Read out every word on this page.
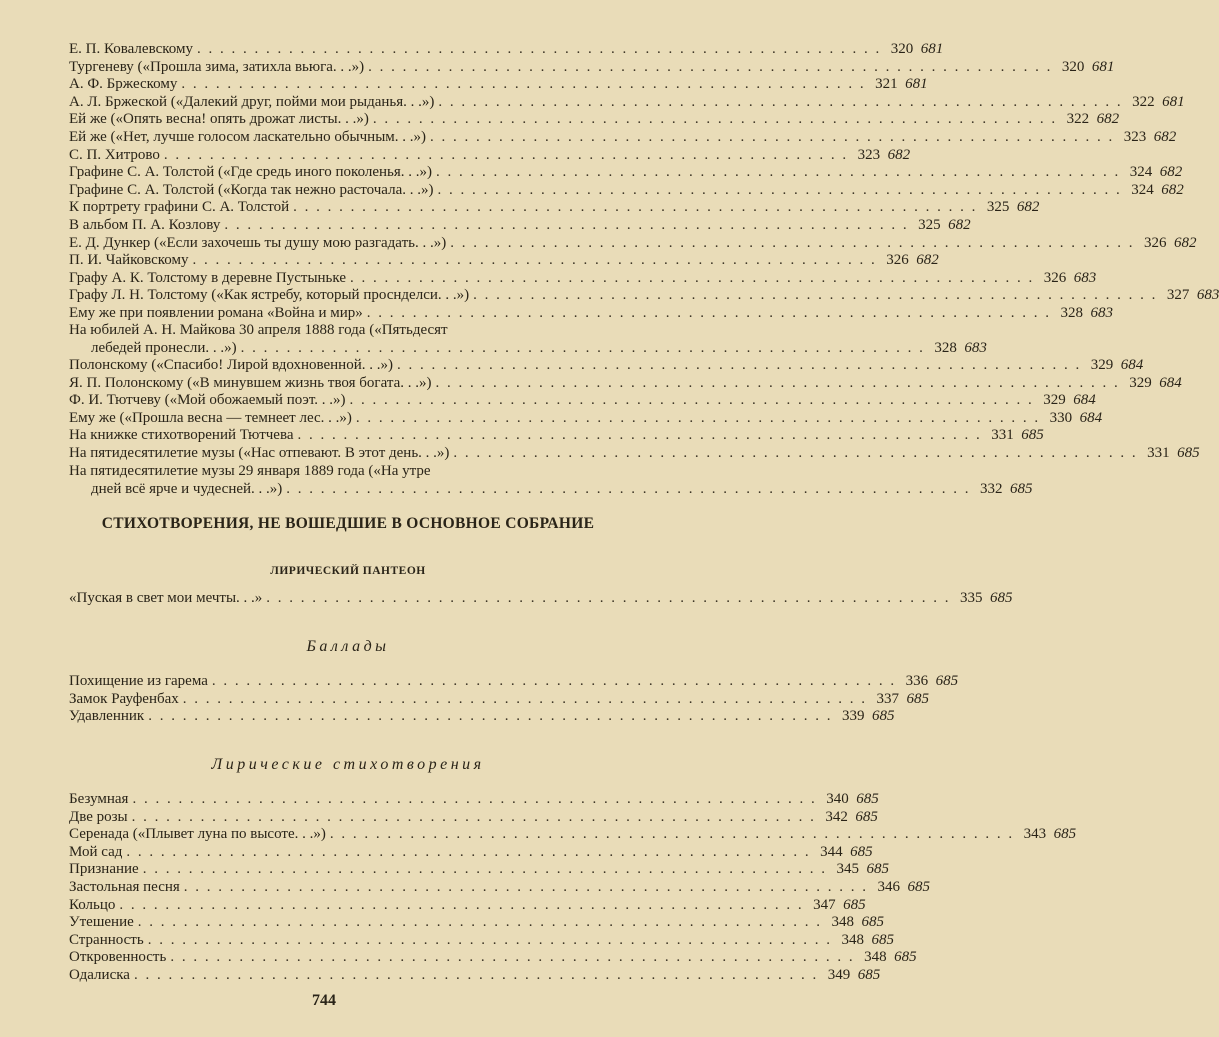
Е. П. Ковалевскому . . .	320 681
Тургеневу («Прошла зима, затихла вьюга. . .») . . .	320 681
А. Ф. Бржескому . . .	321 681
А. Л. Бржеской («Далекий друг, пойми мои рыданья. . .») . . .	322 681
Ей же («Опять весна! опять дрожат листы. . .») . . .	322 682
Ей же («Нет, лучше голосом ласкательно обычным. . .») . . .	323 682
С. П. Хитрово . . .	323 682
Графине С. А. Толстой («Где средь иного поколенья. . .») . . .	324 682
Графине С. А. Толстой («Когда так нежно расточала. . .») . . .	324 682
К портрету графини С. А. Толстой . . .	325 682
В альбом П. А. Козлову . . .	325 682
Е. Д. Дункер («Если захочешь ты душу мою разгадать. . .») . . .	326 682
П. И. Чайковскому . . .	326 682
Графу А. К. Толстому в деревне Пустыньке . . .	326 683
Графу Л. Н. Толстому («Как ястребу, который проснделси. . .») . . .	327 683
Ему же при появлении романа «Война и мир» . . .	328 683
На юбилей А. Н. Майкова 30 апреля 1888 года («Пятьдесят
лебедей пронесли. . .») . . .	328 683
Полонскому («Спасибо! Лирой вдохновенной. . .») . . .	329 684
Я. П. Полонскому («В минувшем жизнь твоя богата. . .») . . .	329 684
Ф. И. Тютчеву («Мой обожаемый поэт. . .») . . .	329 684
Ему же («Прошла весна — темнеет лес. . .») . . .	330 684
На книжке стихотворений Тютчева . . .	331 685
На пятидесятилетие музы («Нас отпевают. В этот день. . .») . . .	331 685
На пятидесятилетие музы 29 января 1889 года («На утре
дней всё ярче и чудесней. . .») . . .	332 685
СТИХОТВОРЕНИЯ, НЕ ВОШЕДШИЕ В ОСНОВНОЕ СОБРАНИЕ
ЛИРИЧЕСКИЙ ПАНТЕОН
«Пуская в свет мои мечты. . .» . . .	335 685
Баллады
Похищение из гарема . . .	336 685
Замок Рауфенбах . . .	337 685
Удавленник . . .	339 685
Лирические стихотворения
Безумная . . .	340 685
Две розы . . .	342 685
Серенада («Плывет луна по высоте. . .») . . .	343 685
Мой сад . . .	344 685
Признание . . .	345 685
Застольная песня . . .	346 685
Кольцо . . .	347 685
Утешение . . .	348 685
Странность . . .	348 685
Откровенность . . .	348 685
Одалиска . . .	349 685
744
